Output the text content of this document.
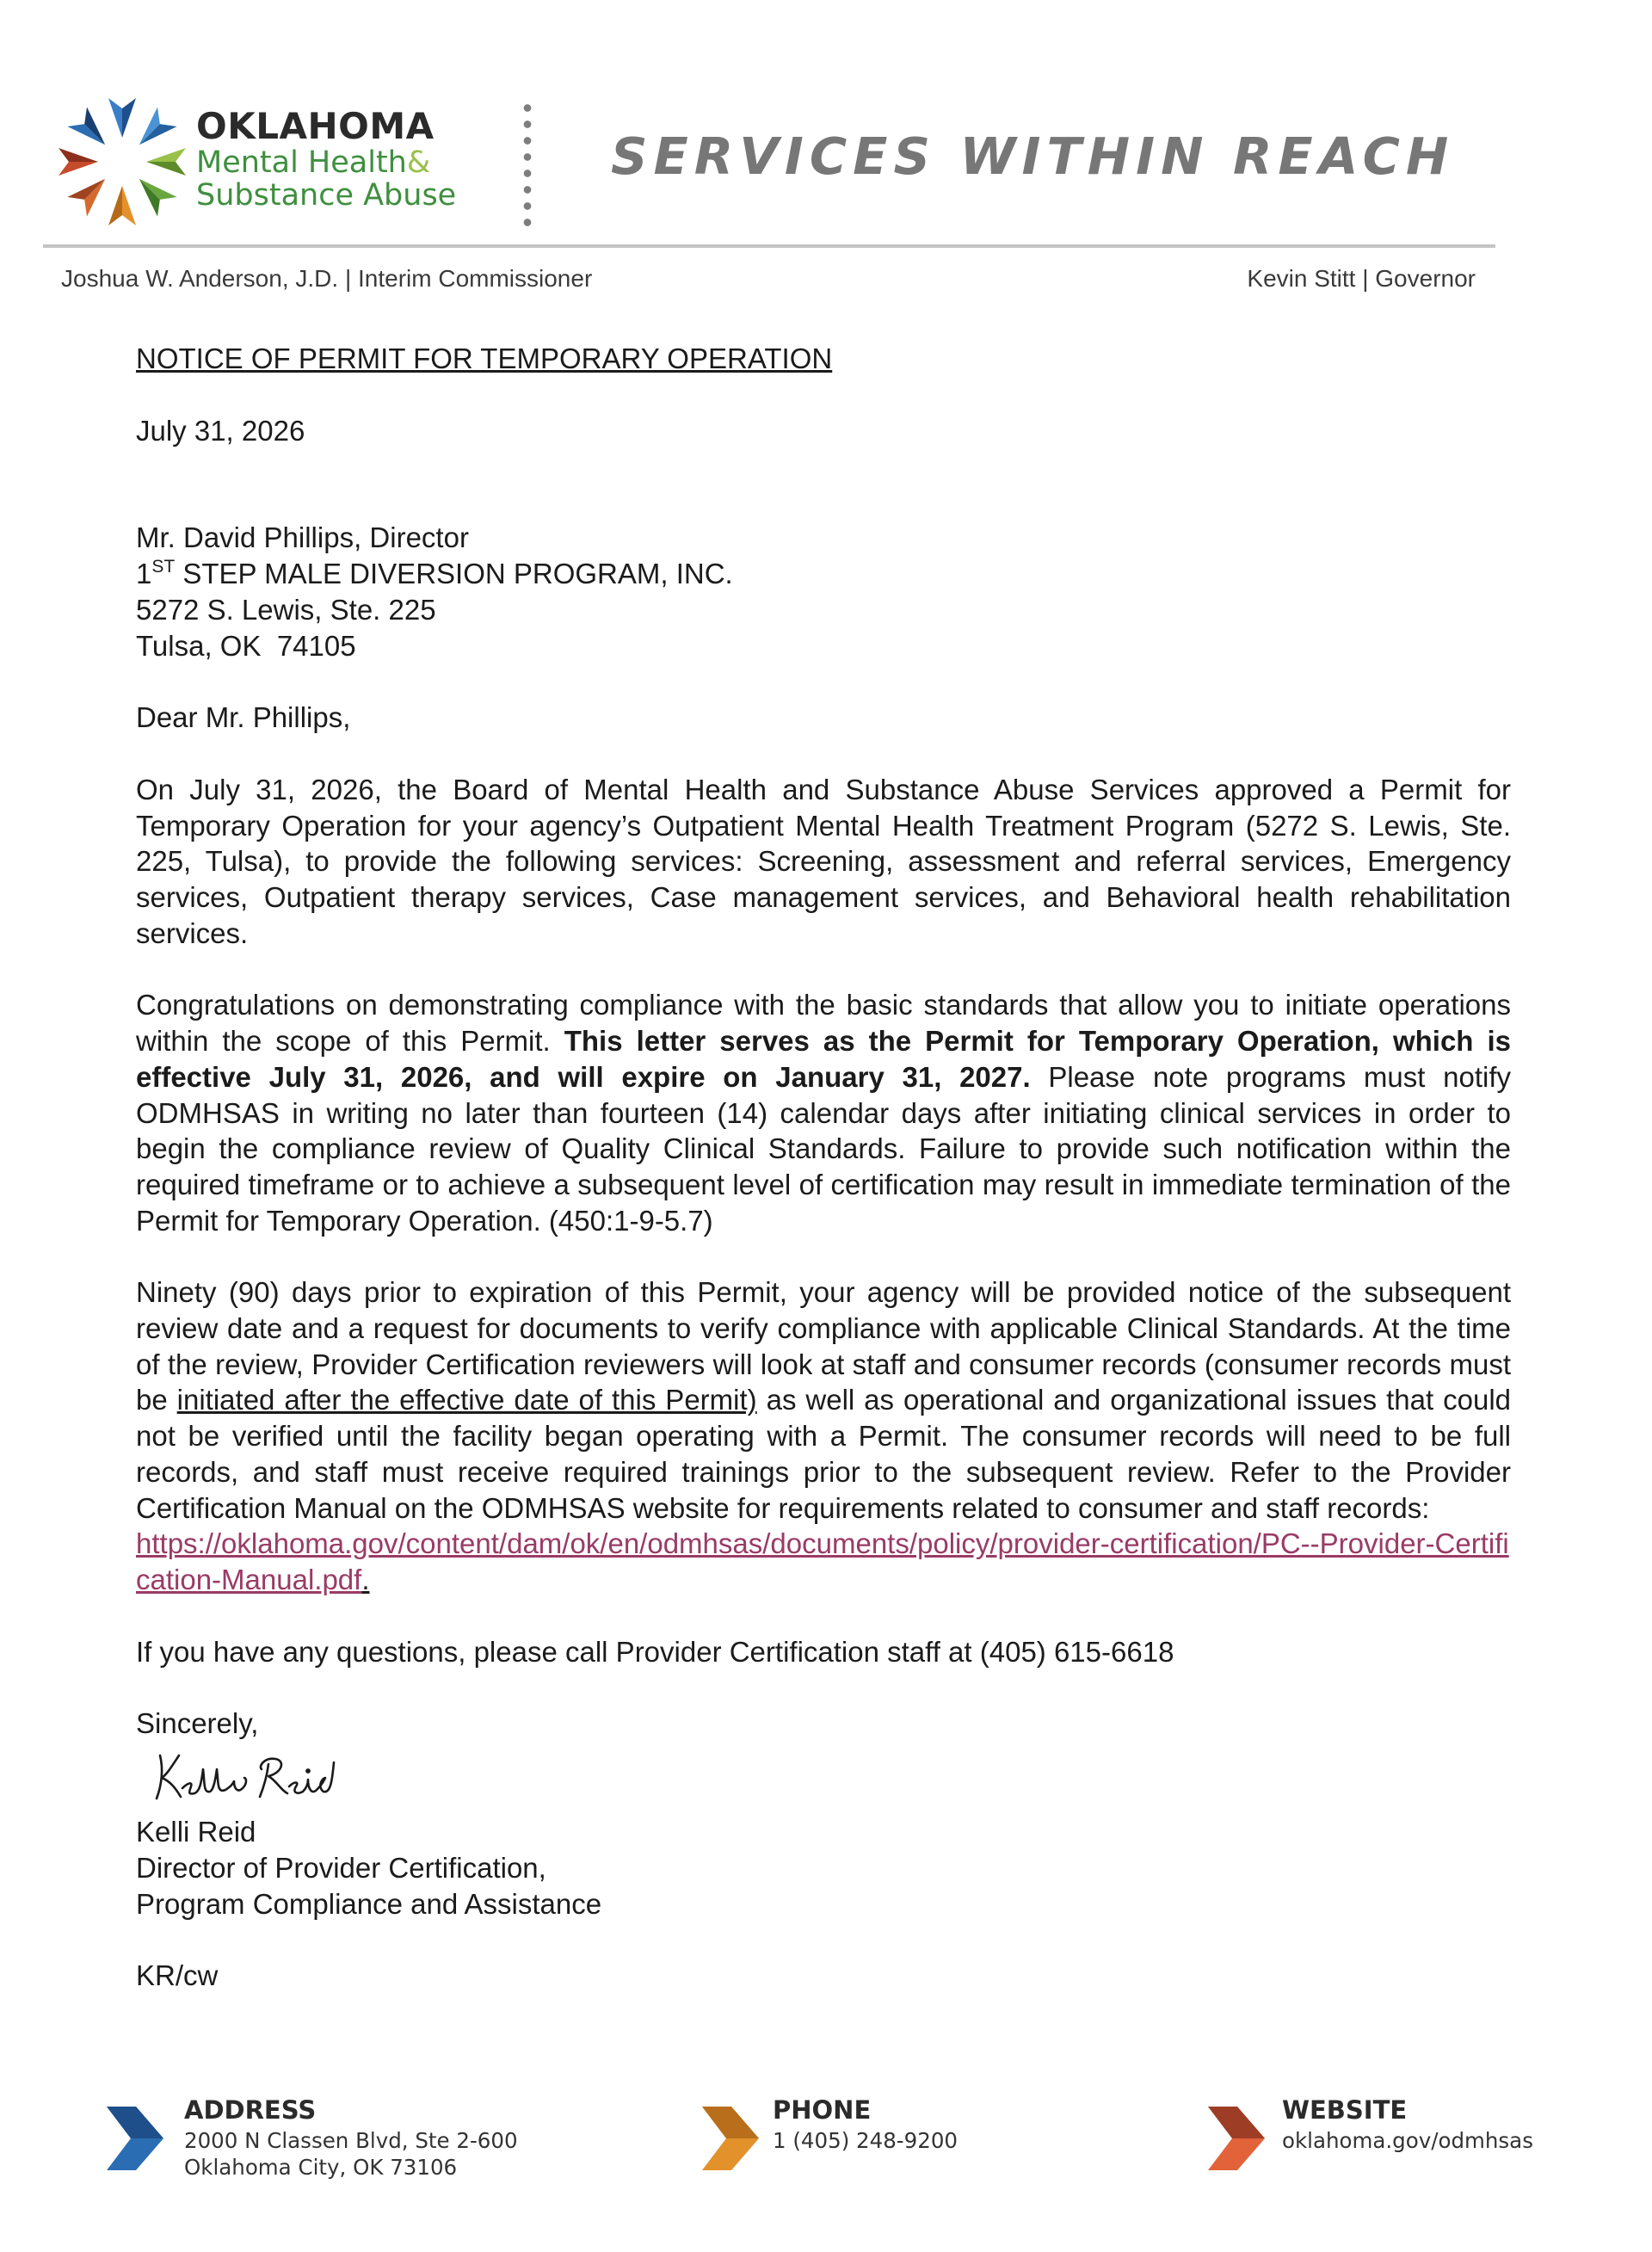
OKLAHOMA
Mental Health&
Substance Abuse
SERVICES WITHIN REACH
Joshua W. Anderson, J.D. | Interim Commissioner	Kevin Stitt | Governor

NOTICE OF PERMIT FOR TEMPORARY OPERATION

July 31, 2026

Mr. David Phillips, Director

1ST STEP MALE DIVERSION PROGRAM, INC.

5272 S. Lewis, Ste. 225

Tulsa, OK  74105

Dear Mr. Phillips,

On July 31, 2026, the Board of Mental Health and Substance Abuse Services approved a Permit for Temporary Operation for your agency’s Outpatient Mental Health Treatment Program (5272 S. Lewis, Ste. 225, Tulsa), to provide the following services: Screening, assessment and referral services, Emergency services, Outpatient therapy services, Case management services, and Behavioral health rehabilitation services.

Congratulations on demonstrating compliance with the basic standards that allow you to initiate operations within the scope of this Permit. This letter serves as the Permit for Temporary Operation, which is effective July 31, 2026, and will expire on January 31, 2027. Please note programs must notify ODMHSAS in writing no later than fourteen (14) calendar days after initiating clinical services in order to begin the compliance review of Quality Clinical Standards. Failure to provide such notification within the required timeframe or to achieve a subsequent level of certification may result in immediate termination of the Permit for Temporary Operation. (450:1-9-5.7)

Ninety (90) days prior to expiration of this Permit, your agency will be provided notice of the subsequent review date and a request for documents to verify compliance with applicable Clinical Standards. At the time of the review, Provider Certification reviewers will look at staff and consumer records (consumer records must be initiated after the effective date of this Permit) as well as operational and organizational issues that could not be verified until the facility began operating with a Permit. The consumer records will need to be full records, and staff must receive required trainings prior to the subsequent review. Refer to the Provider Certification Manual on the ODMHSAS website for requirements related to consumer and staff records:

https://oklahoma.gov/content/dam/ok/en/odmhsas/documents/policy/provider-certification/PC--Provider-Certification-Manual.pdf.

If you have any questions, please call Provider Certification staff at (405) 615-6618

Sincerely,

Kelli Reid

Director of Provider Certification,

Program Compliance and Assistance

KR/cw

ADDRESS
2000 N Classen Blvd, Ste 2-600
Oklahoma City, OK 73106
PHONE
1 (405) 248-9200
WEBSITE
oklahoma.gov/odmhsas
